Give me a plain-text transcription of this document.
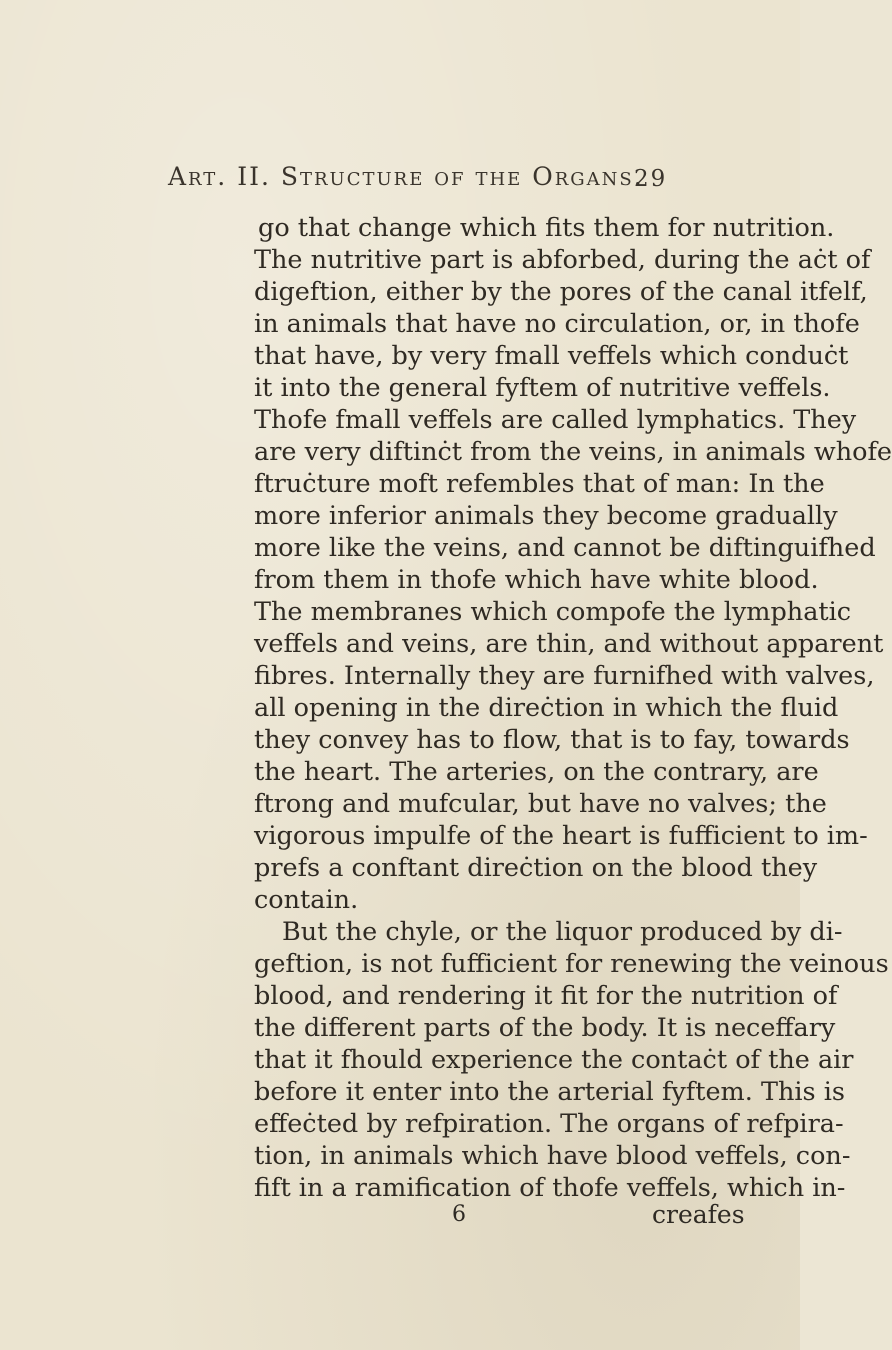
Art. II. Structure of the Organs.
29
go that change which fits them for nutrition.
The nutritive part is abforbed, during the aċt of
digeftion, either by the pores of the canal itfelf,
in animals that have no circulation, or, in thofe
that have, by very fmall veffels which conduċt
it into the general fyftem of nutritive veffels.
Thofe fmall veffels are called lymphatics. They
are very diftinċt from the veins, in animals whofe
ftruċture moft refembles that of man: In the
more inferior animals they become gradually
more like the veins, and cannot be diftinguifhed
from them in thofe which have white blood.
The membranes which compofe the lymphatic
veffels and veins, are thin, and without apparent
fibres. Internally they are furnifhed with valves,
all opening in the direċtion in which the fluid
they convey has to flow, that is to fay, towards
the heart. The arteries, on the contrary, are
ftrong and mufcular, but have no valves; the
vigorous impulfe of the heart is fufficient to im-
prefs a conftant direċtion on the blood they
contain.
But the chyle, or the liquor produced by di-
geftion, is not fufficient for renewing the veinous
blood, and rendering it fit for the nutrition of
the different parts of the body. It is neceffary
that it fhould experience the contaċt of the air
before it enter into the arterial fyftem. This is
effeċted by refpiration. The organs of refpira-
tion, in animals which have blood veffels, con-
fift in a ramification of thofe veffels, which in-
6	creafes
